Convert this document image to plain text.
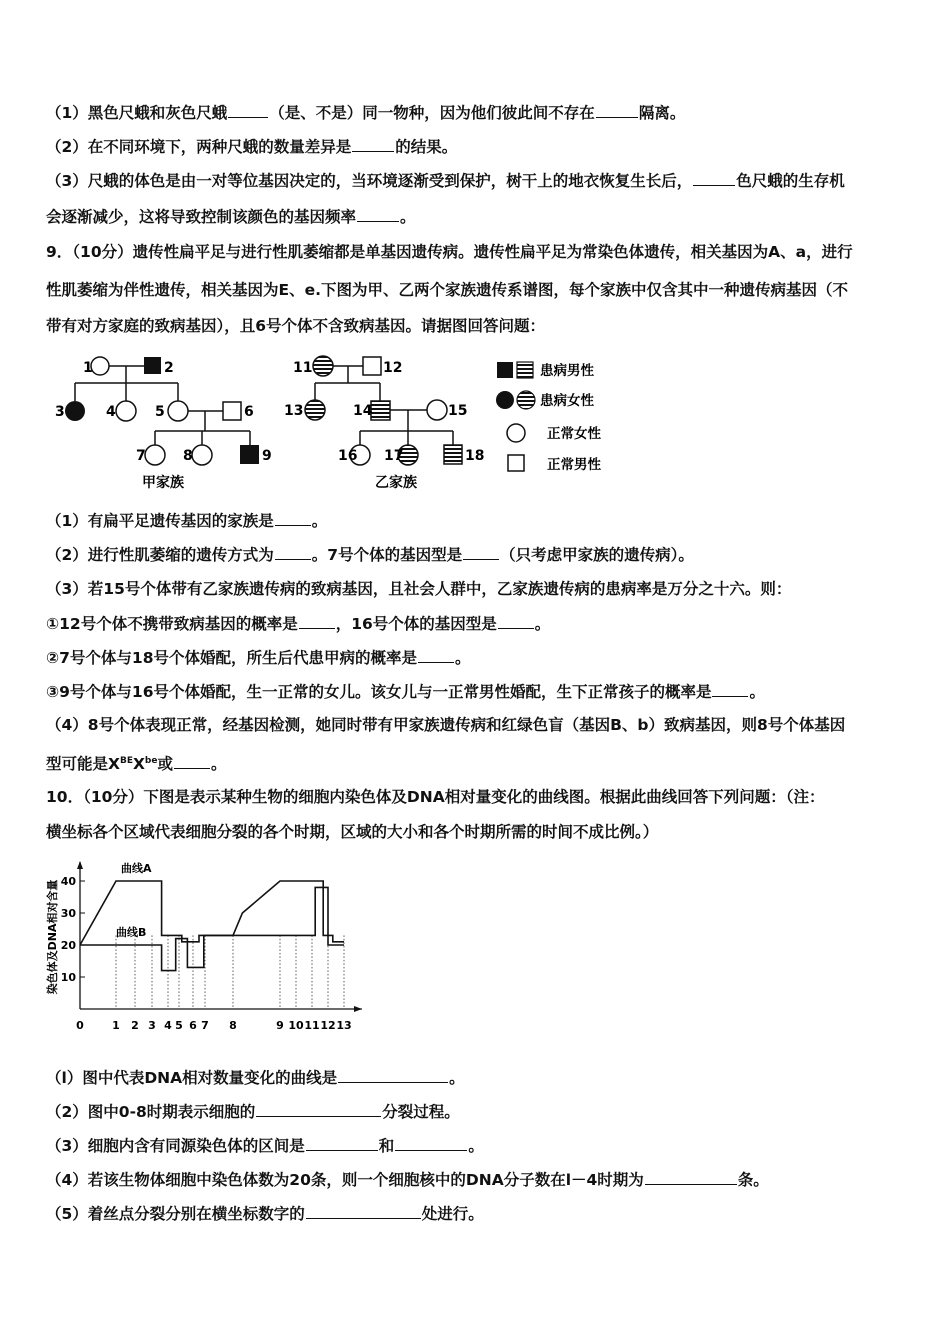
（1）黑色尺蛾和灰色尺蛾	（是、不是）同一物种，因为他们彼此间不存在	隔离。
（2）在不同环境下，两种尺蛾的数量差异是	的结果。
（3）尺蛾的体色是由一对等位基因决定的，当环境逐渐受到保护，树干上的地衣恢复生长后，	色尺蛾的生存机
会逐渐减少，这将导致控制该颜色的基因频率	。
9．（10分）遗传性扁平足与进行性肌萎缩都是单基因遗传病。遗传性扁平足为常染色体遗传，相关基因为A、a，进行
性肌萎缩为伴性遗传，相关基因为E、e.下图为甲、乙两个家族遗传系谱图，每个家族中仅含其中一种遗传病基因（不
带有对方家庭的致病基因），且6号个体不含致病基因。请据图回答问题：
1	2
3	4	5	6
7	8	9
甲家族
11	12
13	14	15
16 17	18
乙家族
患病男性
患病女性
正常女性
正常男性
（1）有扁平足遗传基因的家族是 。
（2）进行性肌萎缩的遗传方式为 。7号个体的基因型是 （只考虑甲家族的遗传病）。
（3）若15号个体带有乙家族遗传病的致病基因，且社会人群中，乙家族遗传病的患病率是万分之十六。则：
①12号个体不携带致病基因的概率是 ，16号个体的基因型是 。
②7号个体与18号个体婚配，所生后代患甲病的概率是 。
③9号个体与16号个体婚配，生一正常的女儿。该女儿与一正常男性婚配，生下正常孩子的概率是 。
（4）8号个体表现正常，经基因检测，她同时带有甲家族遗传病和红绿色盲（基因B、b）致病基因，则8号个体基因
型可能是$X^{BE}X^{be}$或 。
10．（10分）下图是表示某种生物的细胞内染色体及DNA相对量变化的曲线图。根据此曲线回答下列问题：（注：
横坐标各个区域代表细胞分裂的各个时期，区域的大小和各个时期所需的时间不成比例。）
染色体及DNA相对含量 10
20
30
40
0	1 2 3 4 5 6 7 8	9 10 11 12 13
曲线A
曲线B
（l）图中代表DNA相对数量变化的曲线是	。
（2）图中0-8时期表示细胞的	分裂过程。
（3）细胞内含有同源染色体的区间是	和	。
（4）若该生物体细胞中染色体数为20条，则一个细胞核中的DNA分子数在l－4时期为	条。
（5）着丝点分裂分别在横坐标数字的	处进行。
